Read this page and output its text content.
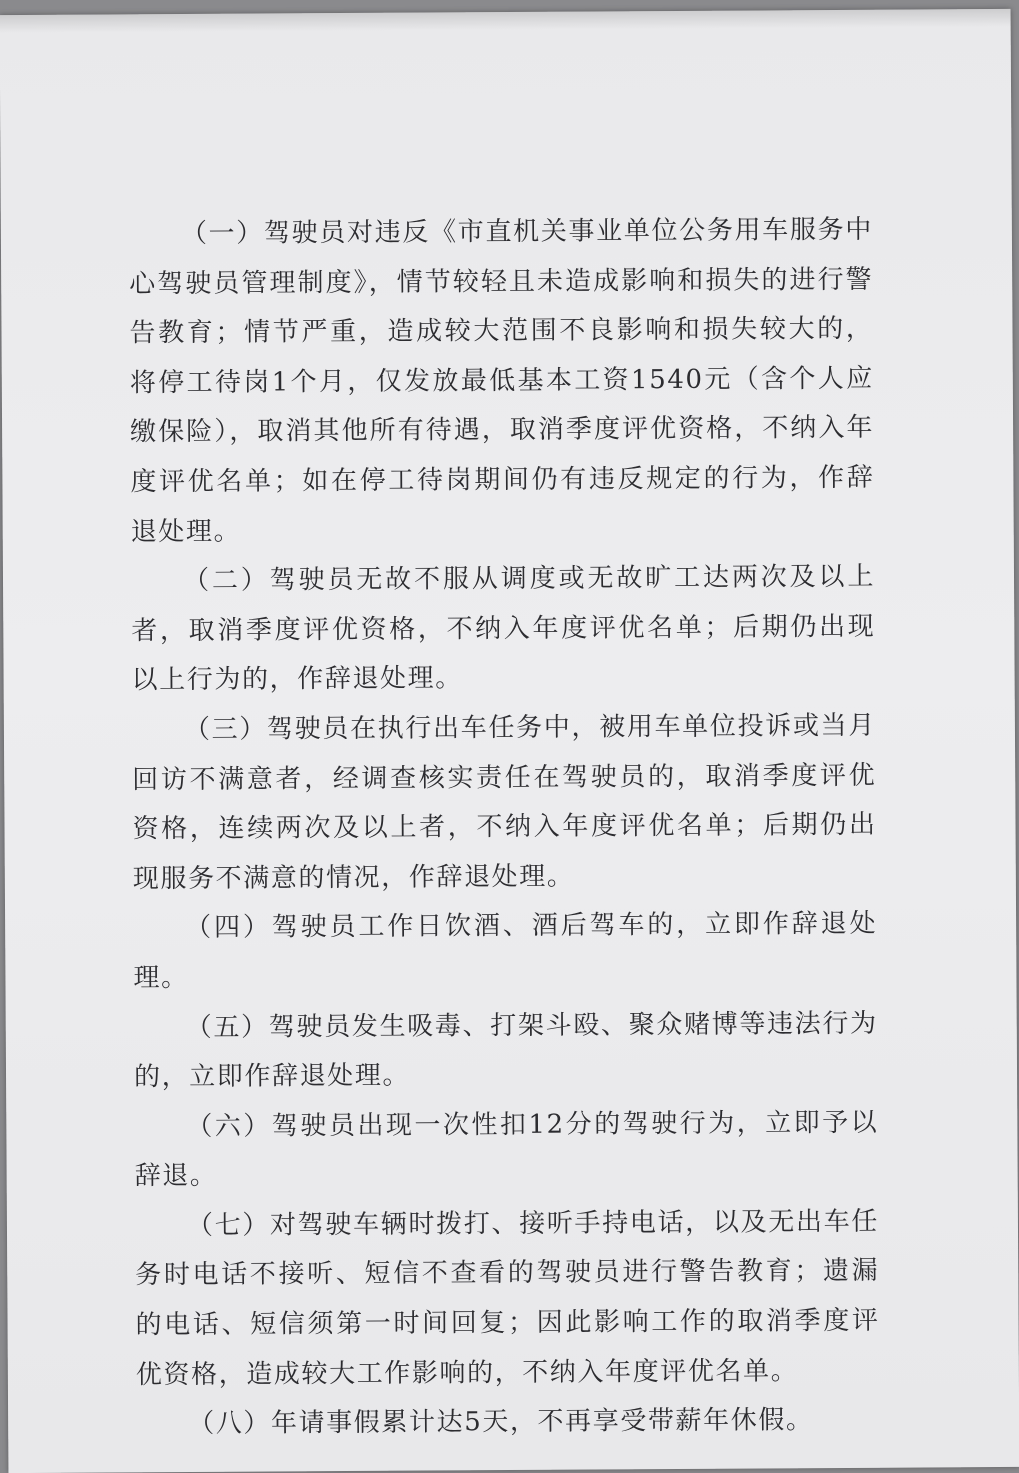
（一）驾驶员对违反《市直机关事业单位公务用车服务中心驾驶员管理制度》，情节较轻且未造成影响和损失的进行警告教育；情节严重，造成较大范围不良影响和损失较大的，将停工待岗1个月，仅发放最低基本工资1540元（含个人应缴保险），取消其他所有待遇，取消季度评优资格，不纳入年度评优名单；如在停工待岗期间仍有违反规定的行为，作辞退处理。

（二）驾驶员无故不服从调度或无故旷工达两次及以上者，取消季度评优资格，不纳入年度评优名单；后期仍出现以上行为的，作辞退处理。

（三）驾驶员在执行出车任务中，被用车单位投诉或当月回访不满意者，经调查核实责任在驾驶员的，取消季度评优资格，连续两次及以上者，不纳入年度评优名单；后期仍出现服务不满意的情况，作辞退处理。

（四）驾驶员工作日饮酒、酒后驾车的，立即作辞退处理。

（五）驾驶员发生吸毒、打架斗殴、聚众赌博等违法行为的，立即作辞退处理。

（六）驾驶员出现一次性扣12分的驾驶行为，立即予以辞退。

（七）对驾驶车辆时拨打、接听手持电话，以及无出车任务时电话不接听、短信不查看的驾驶员进行警告教育；遗漏的电话、短信须第一时间回复；因此影响工作的取消季度评优资格，造成较大工作影响的，不纳入年度评优名单。

（八）年请事假累计达5天，不再享受带薪年休假。
